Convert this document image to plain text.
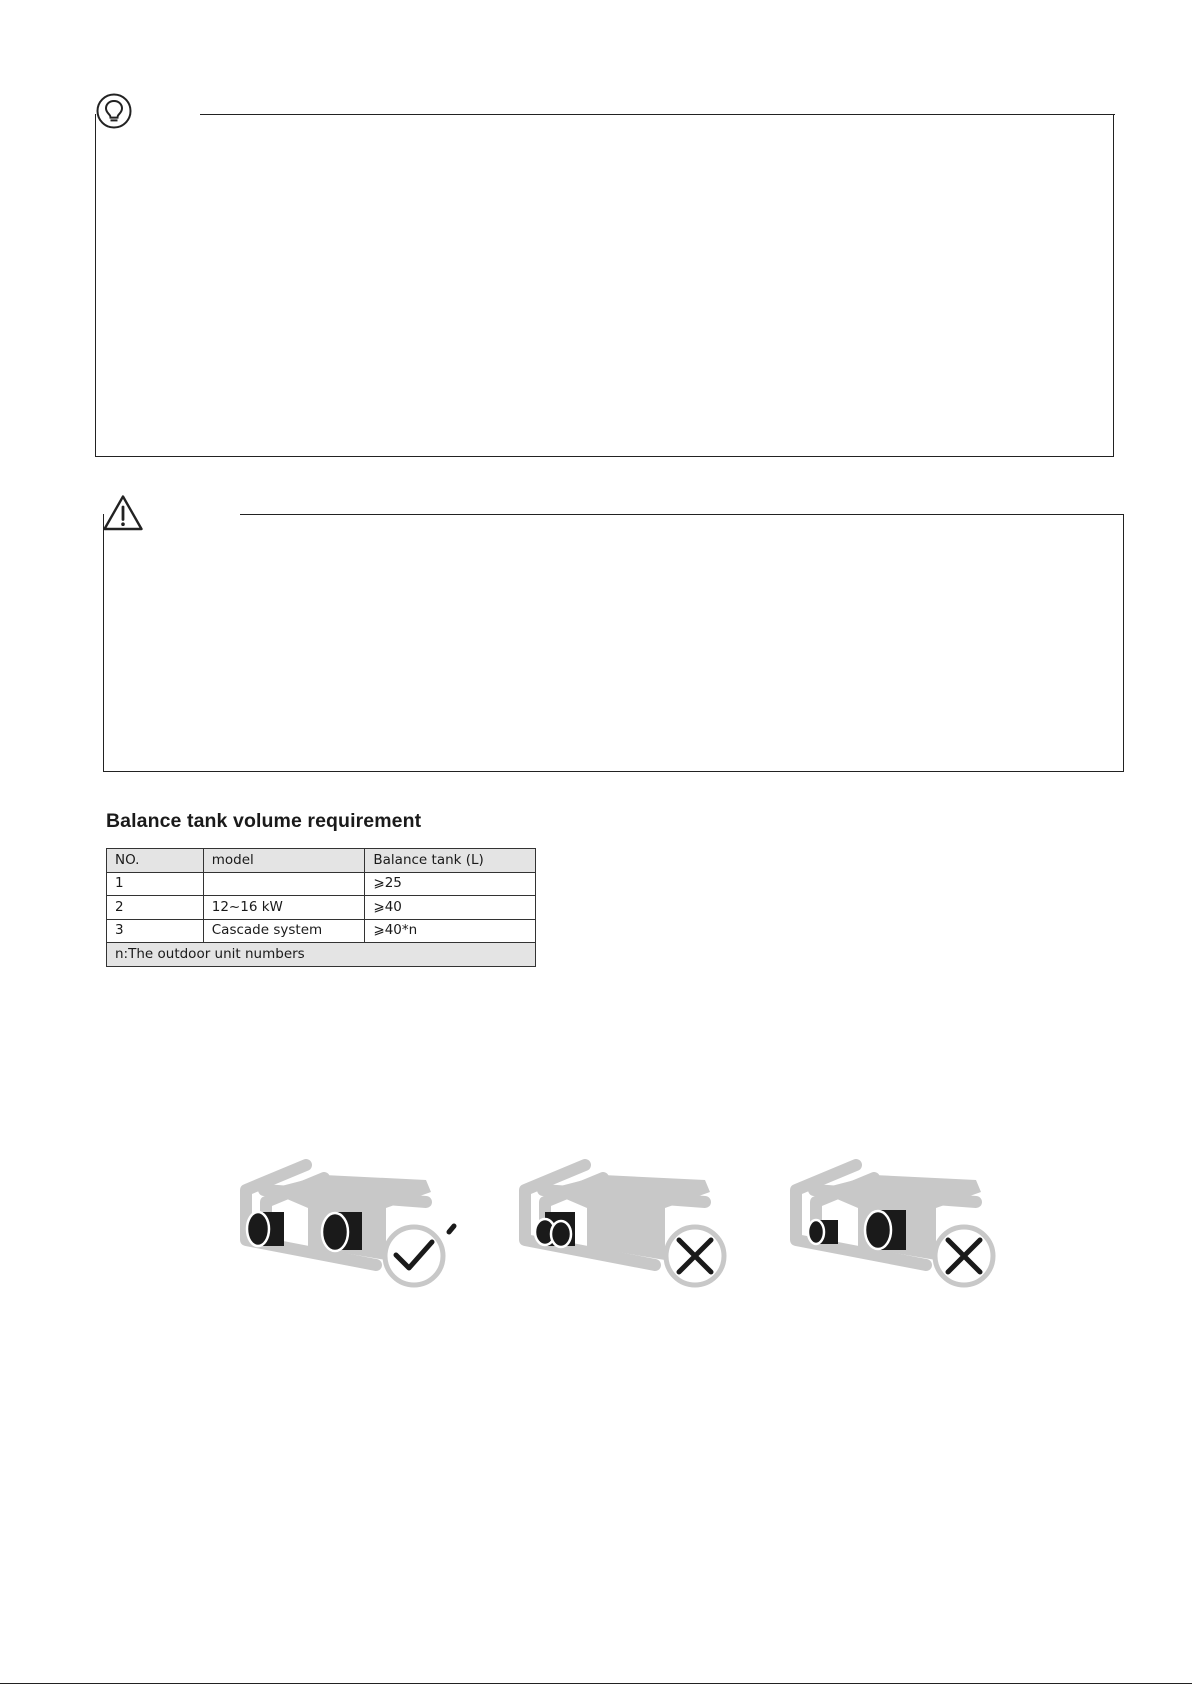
Balance tank volume requirement
NO.	model	Balance tank (L)
1		⩾25
2	12~16 kW	⩾40
3	Cascade system	⩾40*n
n:The outdoor unit numbers		
